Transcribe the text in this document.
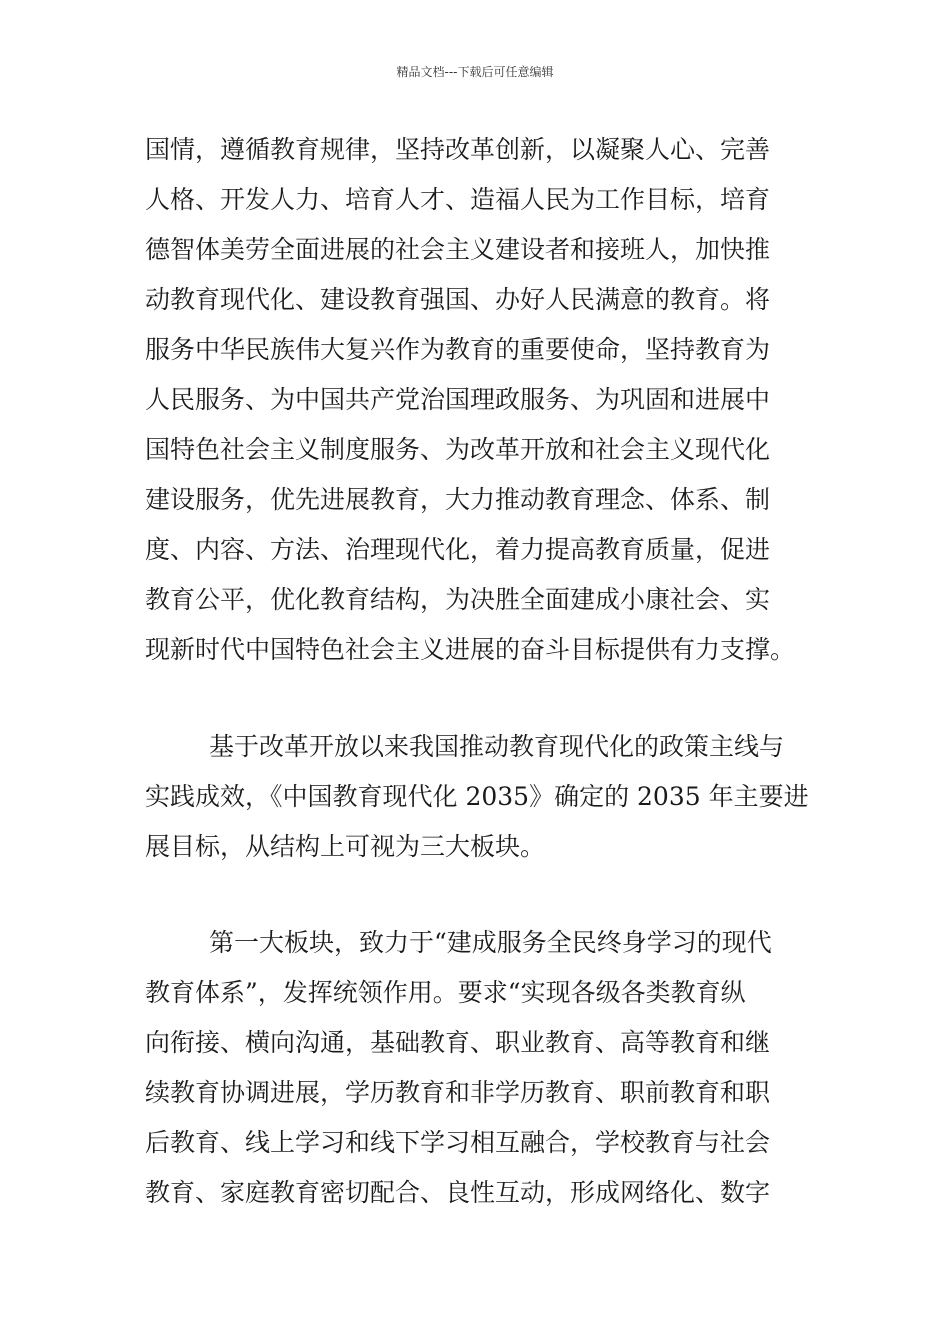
精品文档---下载后可任意编辑
国情，遵循教育规律，坚持改革创新，以凝聚人心、完善
人格、开发人力、培育人才、造福人民为工作目标，培育
德智体美劳全面进展的社会主义建设者和接班人，加快推
动教育现代化、建设教育强国、办好人民满意的教育。将
服务中华民族伟大复兴作为教育的重要使命，坚持教育为
人民服务、为中国共产党治国理政服务、为巩固和进展中
国特色社会主义制度服务、为改革开放和社会主义现代化
建设服务，优先进展教育，大力推动教育理念、体系、制
度、内容、方法、治理现代化，着力提高教育质量，促进
教育公平，优化教育结构，为决胜全面建成小康社会、实
现新时代中国特色社会主义进展的奋斗目标提供有力支撑。
基于改革开放以来我国推动教育现代化的政策主线与
实践成效，《中国教育现代化 2035》确定的 2035 年主要进
展目标，从结构上可视为三大板块。
第一大板块，致力于“建成服务全民终身学习的现代
教育体系”，发挥统领作用。要求“实现各级各类教育纵
向衔接、横向沟通，基础教育、职业教育、高等教育和继
续教育协调进展，学历教育和非学历教育、职前教育和职
后教育、线上学习和线下学习相互融合，学校教育与社会
教育、家庭教育密切配合、良性互动，形成网络化、数字
